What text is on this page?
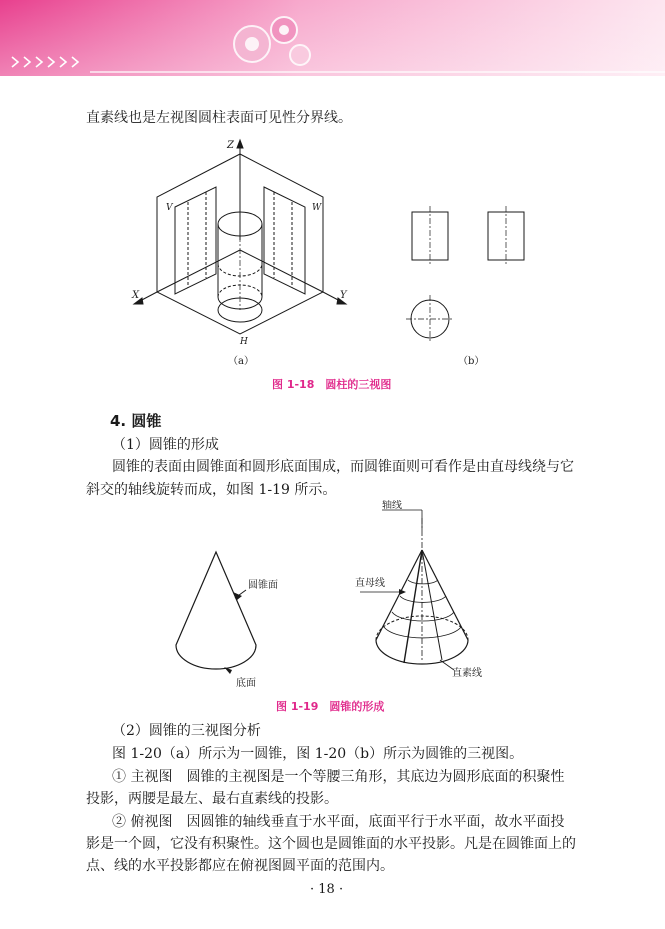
直素线也是左视图圆柱表面可见性分界线。
Z
X	Y
V	W
H
（a）	（b）
图 1-18　圆柱的三视图
4. 圆锥
（1）圆锥的形成
圆锥的表面由圆锥面和圆形底面围成，而圆锥面则可看作是由直母线绕与它
斜交的轴线旋转而成，如图 1-19 所示。
圆锥面
底面
轴线
直母线
直素线
图 1-19　圆锥的形成
（2）圆锥的三视图分析
图 1-20（a）所示为一圆锥，图 1-20（b）所示为圆锥的三视图。
① 主视图　圆锥的主视图是一个等腰三角形，其底边为圆形底面的积聚性
投影，两腰是最左、最右直素线的投影。
② 俯视图　因圆锥的轴线垂直于水平面，底面平行于水平面，故水平面投
影是一个圆，它没有积聚性。这个圆也是圆锥面的水平投影。凡是在圆锥面上的
点、线的水平投影都应在俯视图圆平面的范围内。
· 18 ·
